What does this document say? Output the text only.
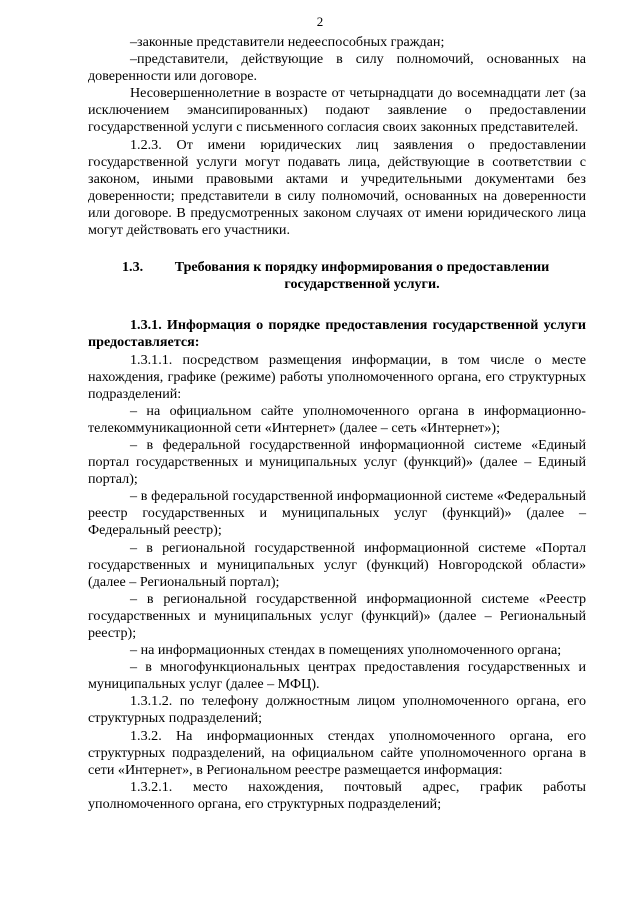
2

–законные представители недееспособных граждан;

–представители, действующие в силу полномочий, основанных на доверенности или договоре.

Несовершеннолетние в возрасте от четырнадцати до восемнадцати лет (за исключением эмансипированных) подают заявление о предоставлении государственной услуги с письменного согласия своих законных представителей.

1.2.3. От имени юридических лиц заявления о предоставлении государственной услуги могут подавать лица, действующие в соответствии с законом, иными правовыми актами и учредительными документами без доверенности; представители в силу полномочий, основанных на доверенности или договоре. В предусмотренных законом случаях от имени юридического лица могут действовать его участники.

1.3.	Требования к порядку информирования о предоставлении государственной услуги.

1.3.1. Информация о порядке предоставления государственной услуги предоставляется:

1.3.1.1. посредством размещения информации, в том числе о месте нахождения, графике (режиме) работы уполномоченного органа, его структурных подразделений:

– на официальном сайте уполномоченного органа в информационно-телекоммуникационной сети «Интернет» (далее – сеть «Интернет»);

– в федеральной государственной информационной системе «Единый портал государственных и муниципальных услуг (функций)» (далее – Единый портал);

– в федеральной государственной информационной системе «Федеральный реестр государственных и муниципальных услуг (функций)» (далее – Федеральный реестр);

– в региональной государственной информационной системе «Портал государственных и муниципальных услуг (функций) Новгородской области» (далее – Региональный портал);

– в региональной государственной информационной системе «Реестр государственных и муниципальных услуг (функций)» (далее – Региональный реестр);

– на информационных стендах в помещениях уполномоченного органа;

– в многофункциональных центрах предоставления государственных и муниципальных услуг (далее – МФЦ).

1.3.1.2. по телефону должностным лицом уполномоченного органа, его структурных подразделений;

1.3.2. На информационных стендах уполномоченного органа, его структурных подразделений, на официальном сайте уполномоченного органа в сети «Интернет», в Региональном реестре размещается информация:

1.3.2.1. место нахождения, почтовый адрес, график работы уполномоченного органа, его структурных подразделений;
